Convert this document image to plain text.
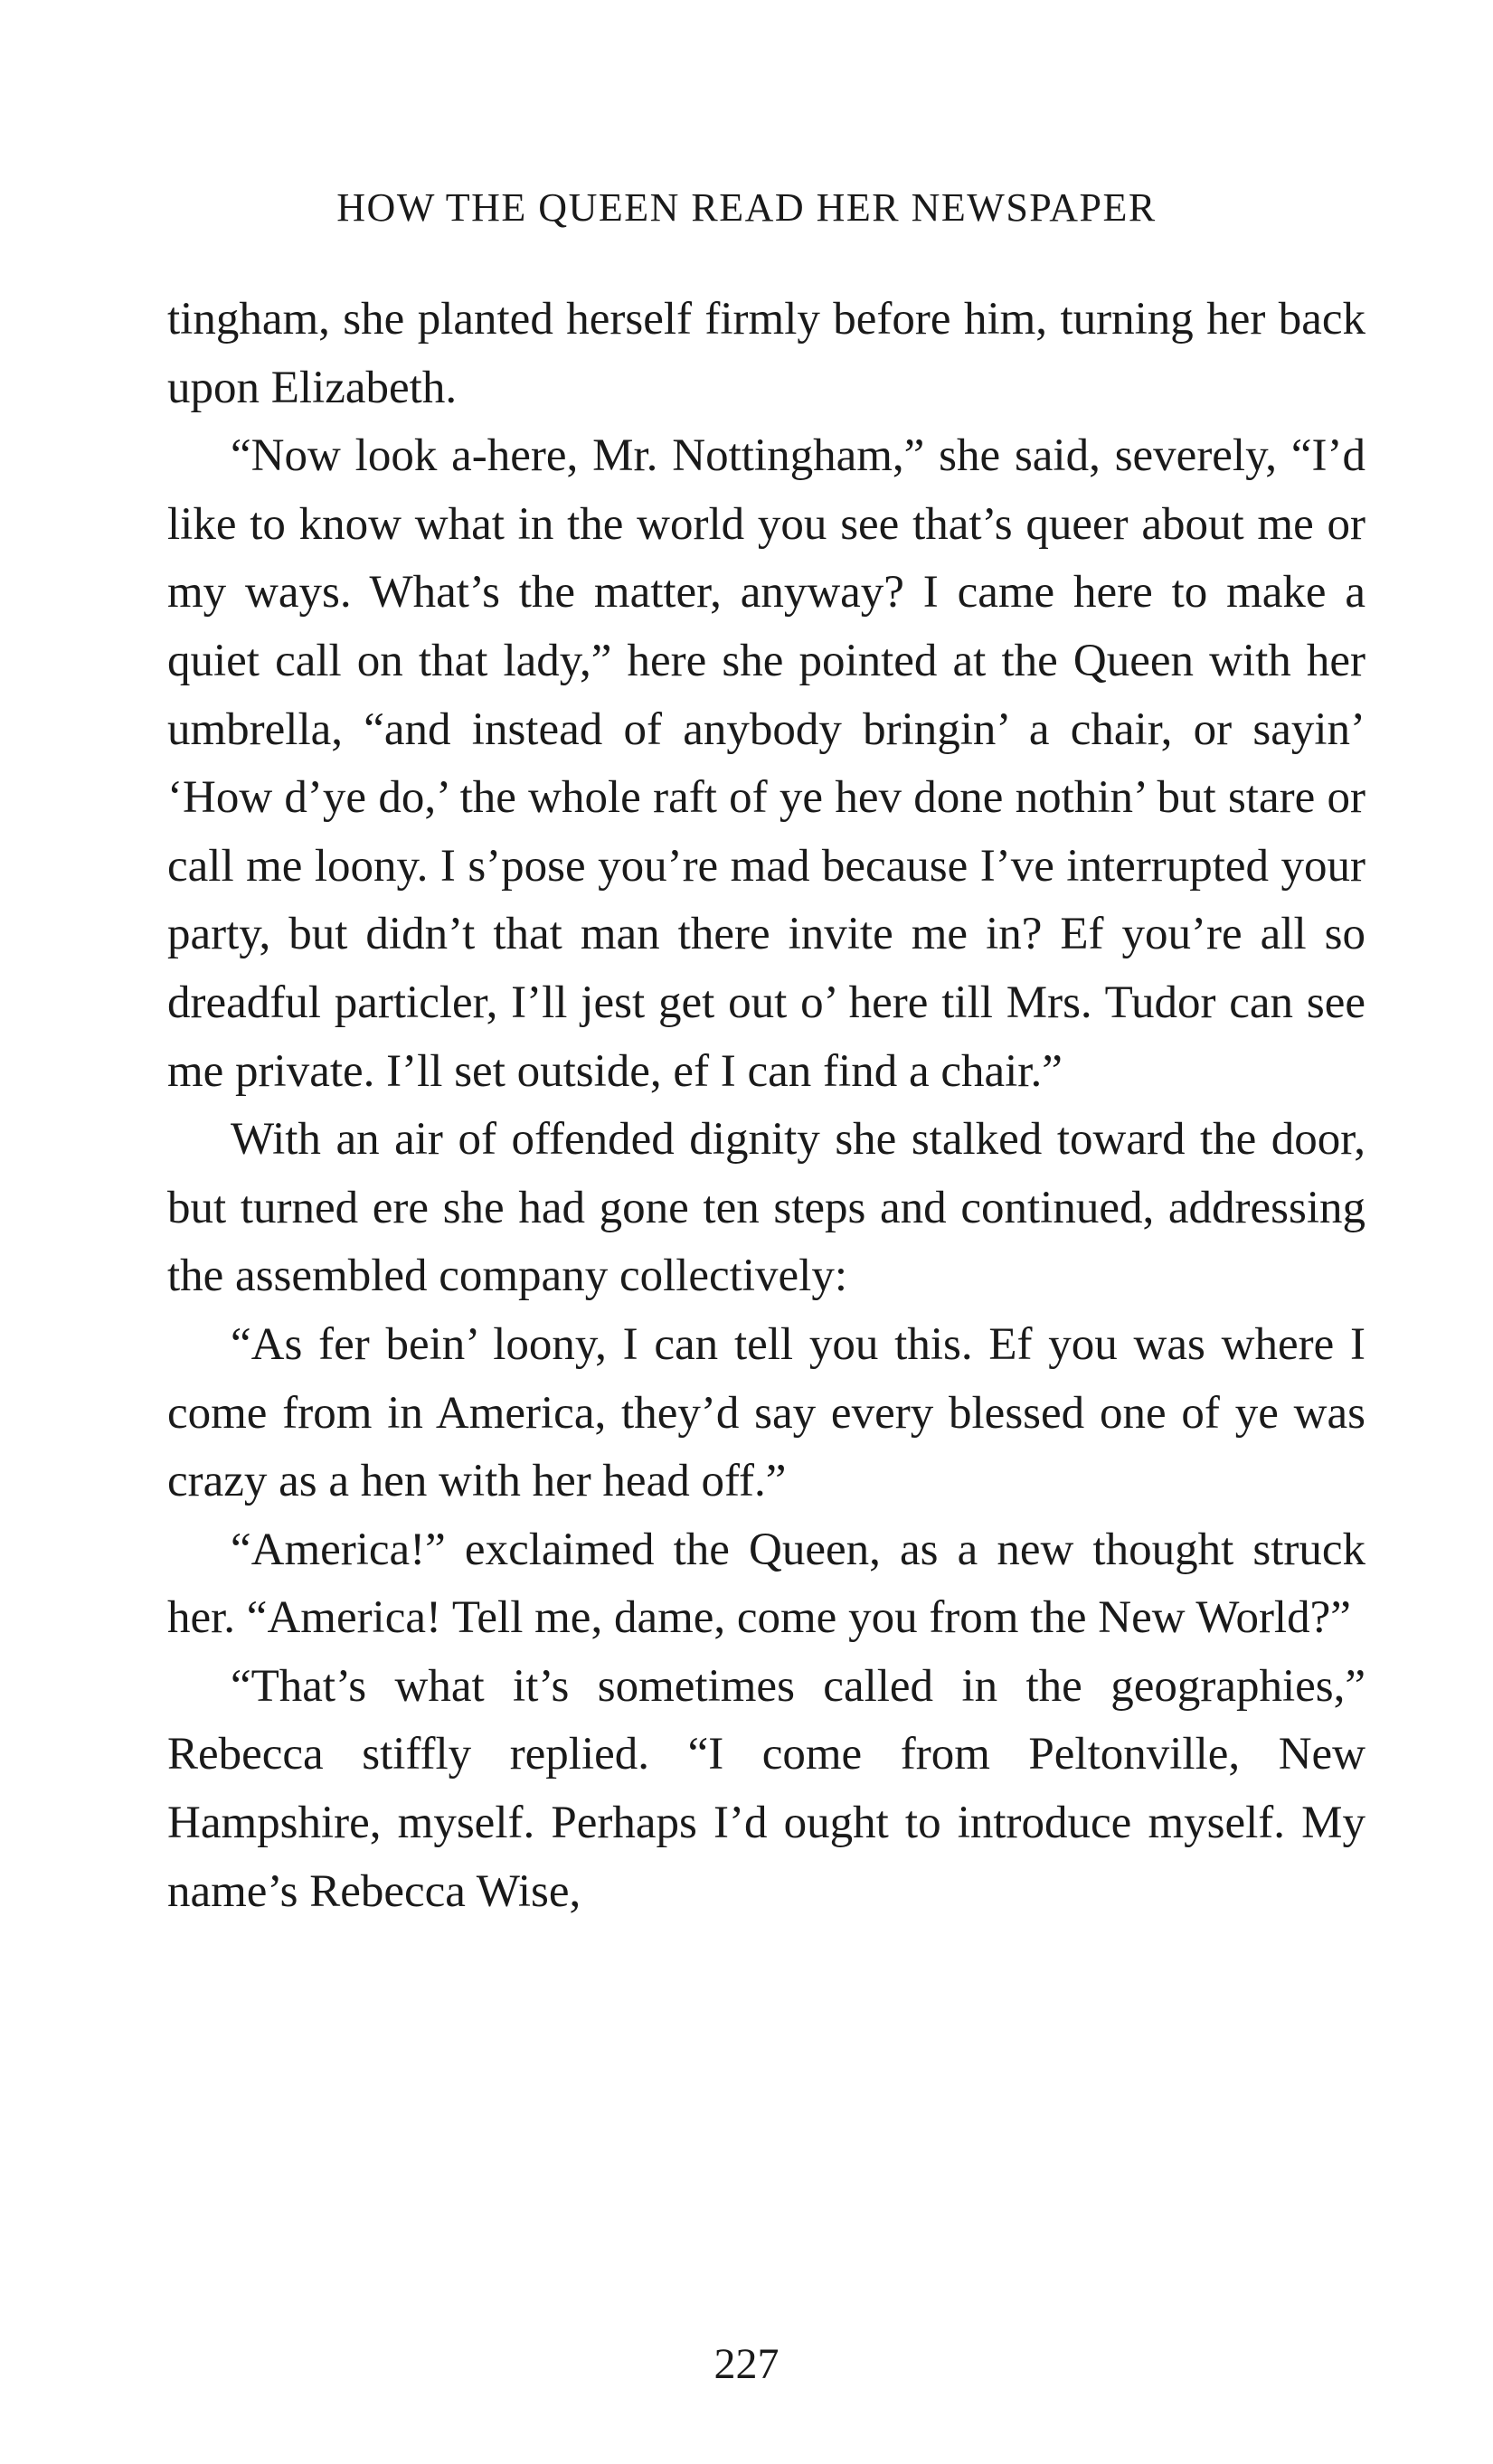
HOW THE QUEEN READ HER NEWSPAPER

tingham, she planted herself firmly before him, turning her back upon Elizabeth.

“Now look a-here, Mr. Nottingham,” she said, severely, “I’d like to know what in the world you see that’s queer about me or my ways. What’s the matter, anyway? I came here to make a quiet call on that lady,” here she pointed at the Queen with her umbrella, “and instead of anybody bringin’ a chair, or sayin’ ‘How d’ye do,’ the whole raft of ye hev done nothin’ but stare or call me loony. I s’pose you’re mad because I’ve interrupted your party, but didn’t that man there invite me in? Ef you’re all so dreadful particler, I’ll jest get out o’ here till Mrs. Tudor can see me private. I’ll set outside, ef I can find a chair.”

With an air of offended dignity she stalked toward the door, but turned ere she had gone ten steps and continued, addressing the assembled company collectively:

“As fer bein’ loony, I can tell you this. Ef you was where I come from in America, they’d say every blessed one of ye was crazy as a hen with her head off.”

“America!” exclaimed the Queen, as a new thought struck her. “America! Tell me, dame, come you from the New World?”

“That’s what it’s sometimes called in the geographies,” Rebecca stiffly replied. “I come from Peltonville, New Hampshire, myself. Perhaps I’d ought to introduce myself. My name’s Rebecca Wise,

227
